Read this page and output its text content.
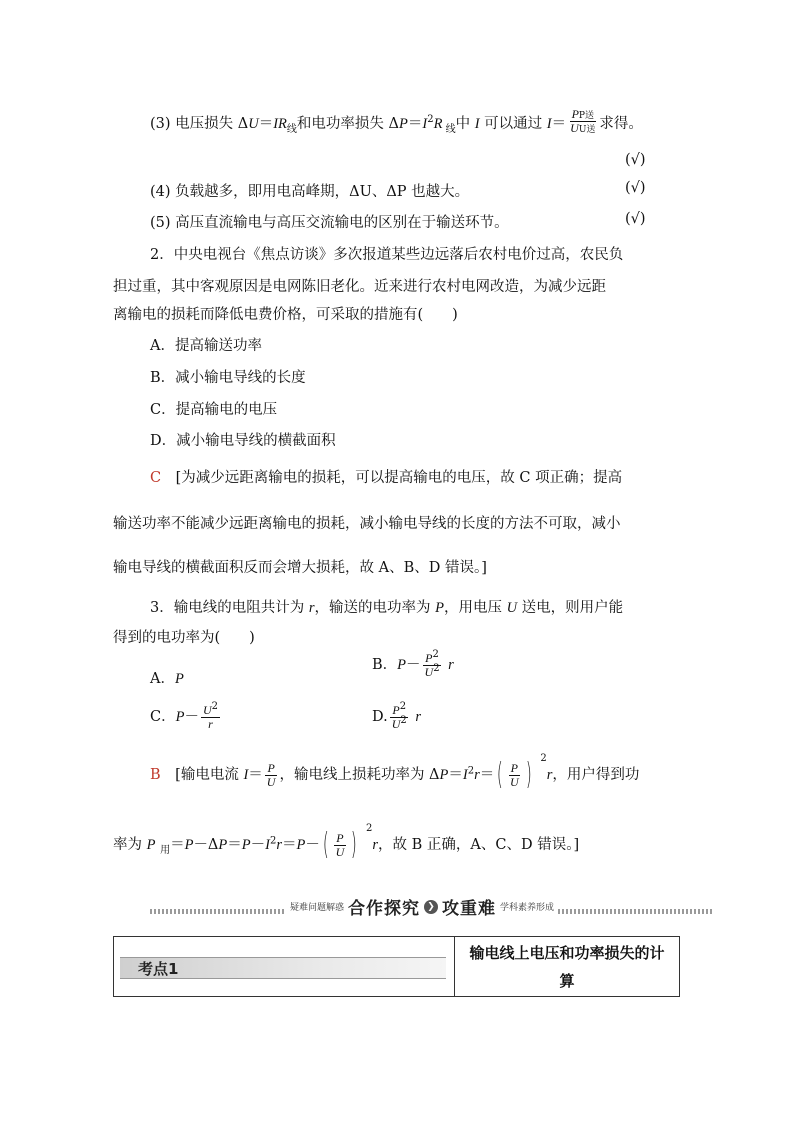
(3) 电压损失 $\Delta U=IR_线$和电功率损失 $\Delta P=I^2R$ $_线$中 I 可以通过 $I= \frac{\text{PP送}}{\text{UU送}}$ 求得。
(√)
(4) 负载越多，即用电高峰期，ΔU、ΔP 也越大。	(√)
(5) 高压直流输电与高压交流输电的区别在于输送环节。	(√)
2．中央电视台《焦点访谈》多次报道某些边远落后农村电价过高，农民负
担过重，其中客观原因是电网陈旧老化。近来进行农村电网改造，为减少远距
离输电的损耗而降低电费价格，可采取的措施有(　　)
A．提高输送功率
B．减小输电导线的长度
C．提高输电的电压
D．减小输电导线的横截面积
C　 [为减少远距离输电的损耗，可以提高输电的电压，故 C 项正确；提高
输送功率不能减少远距离输电的损耗，减小输电导线的长度的方法不可取，减小
输电导线的横截面积反而会增大损耗，故 A、B、D 错误。]
3．输电线的电阻共计为 r，输送的电功率为 P，用电压 U 送电，则用户能
得到的电功率为(　　)
A．P
B．$P- \frac{P^2}{U^2}$ r
C．$P- \frac{U^2}{r}$	D. $\frac{P^2}{U^2}$ r
B　[输电电流 $I= \frac{P}{U}$ ，输电线上损耗功率为 $\Delta P=I^2r=( \frac{P}{U}$ ) $^2$r，用户得到功
率为 P $_用=P-\Delta P=P-I^2r=P-( \frac{P}{U}$ ) $^2$r，故 B 正确，A、C、D 错误。]
疑难问题解惑 合作探究 ❯ 攻重难 学科素养形成
考点1
输电线上电压和功率损失的计算
